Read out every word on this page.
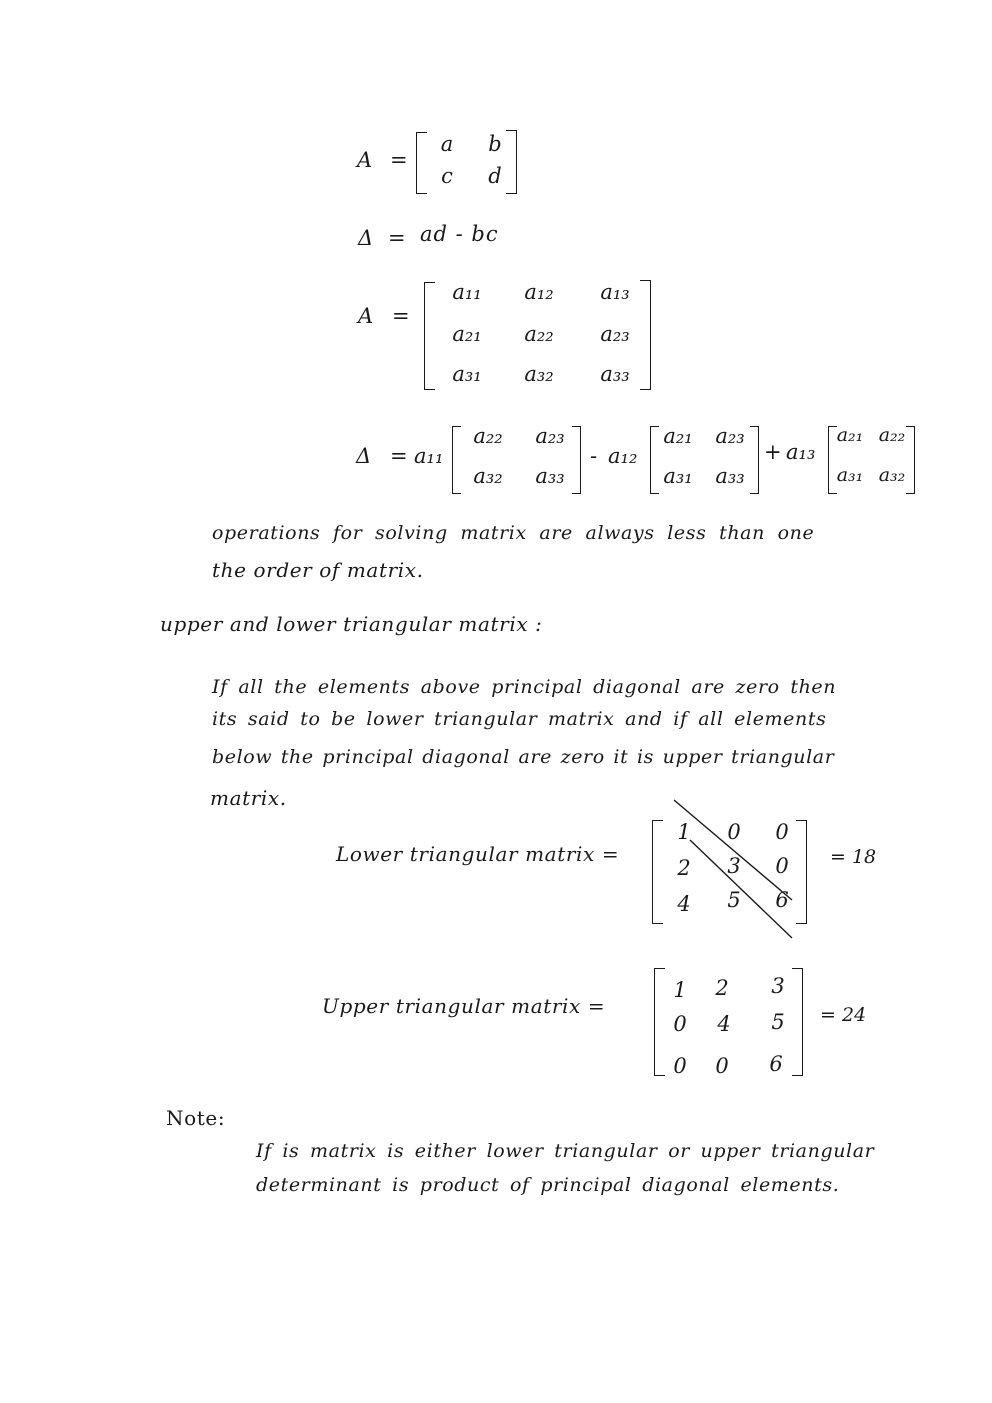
A =
a	b
c	d
Δ = ad - bc
A =
a₁₁	a₁₂	a₁₃
a₂₁	a₂₂	a₂₃
a₃₁	a₃₂	a₃₃
Δ = a₁₁
a₂₂	a₂₃
a₃₂	a₃₃
- a₁₂
a₂₁	a₂₃
a₃₁	a₃₃
+ a₁₃
a₂₁ a₂₂
a₃₁ a₃₂
operations for solving matrix are always less than one
the order of matrix.
upper and lower triangular matrix :
If all the elements above principal diagonal are zero then
its said to be lower triangular matrix and if all elements
below the principal diagonal are zero it is upper triangular
matrix.
Lower triangular matrix =
1	0	0
2	3	0
4	5	6
= 18
Upper triangular matrix =
1	2	3
0	4	5
0	0	6
= 24
Note:
If is matrix is either lower triangular or upper triangular
determinant is product of principal diagonal elements.
